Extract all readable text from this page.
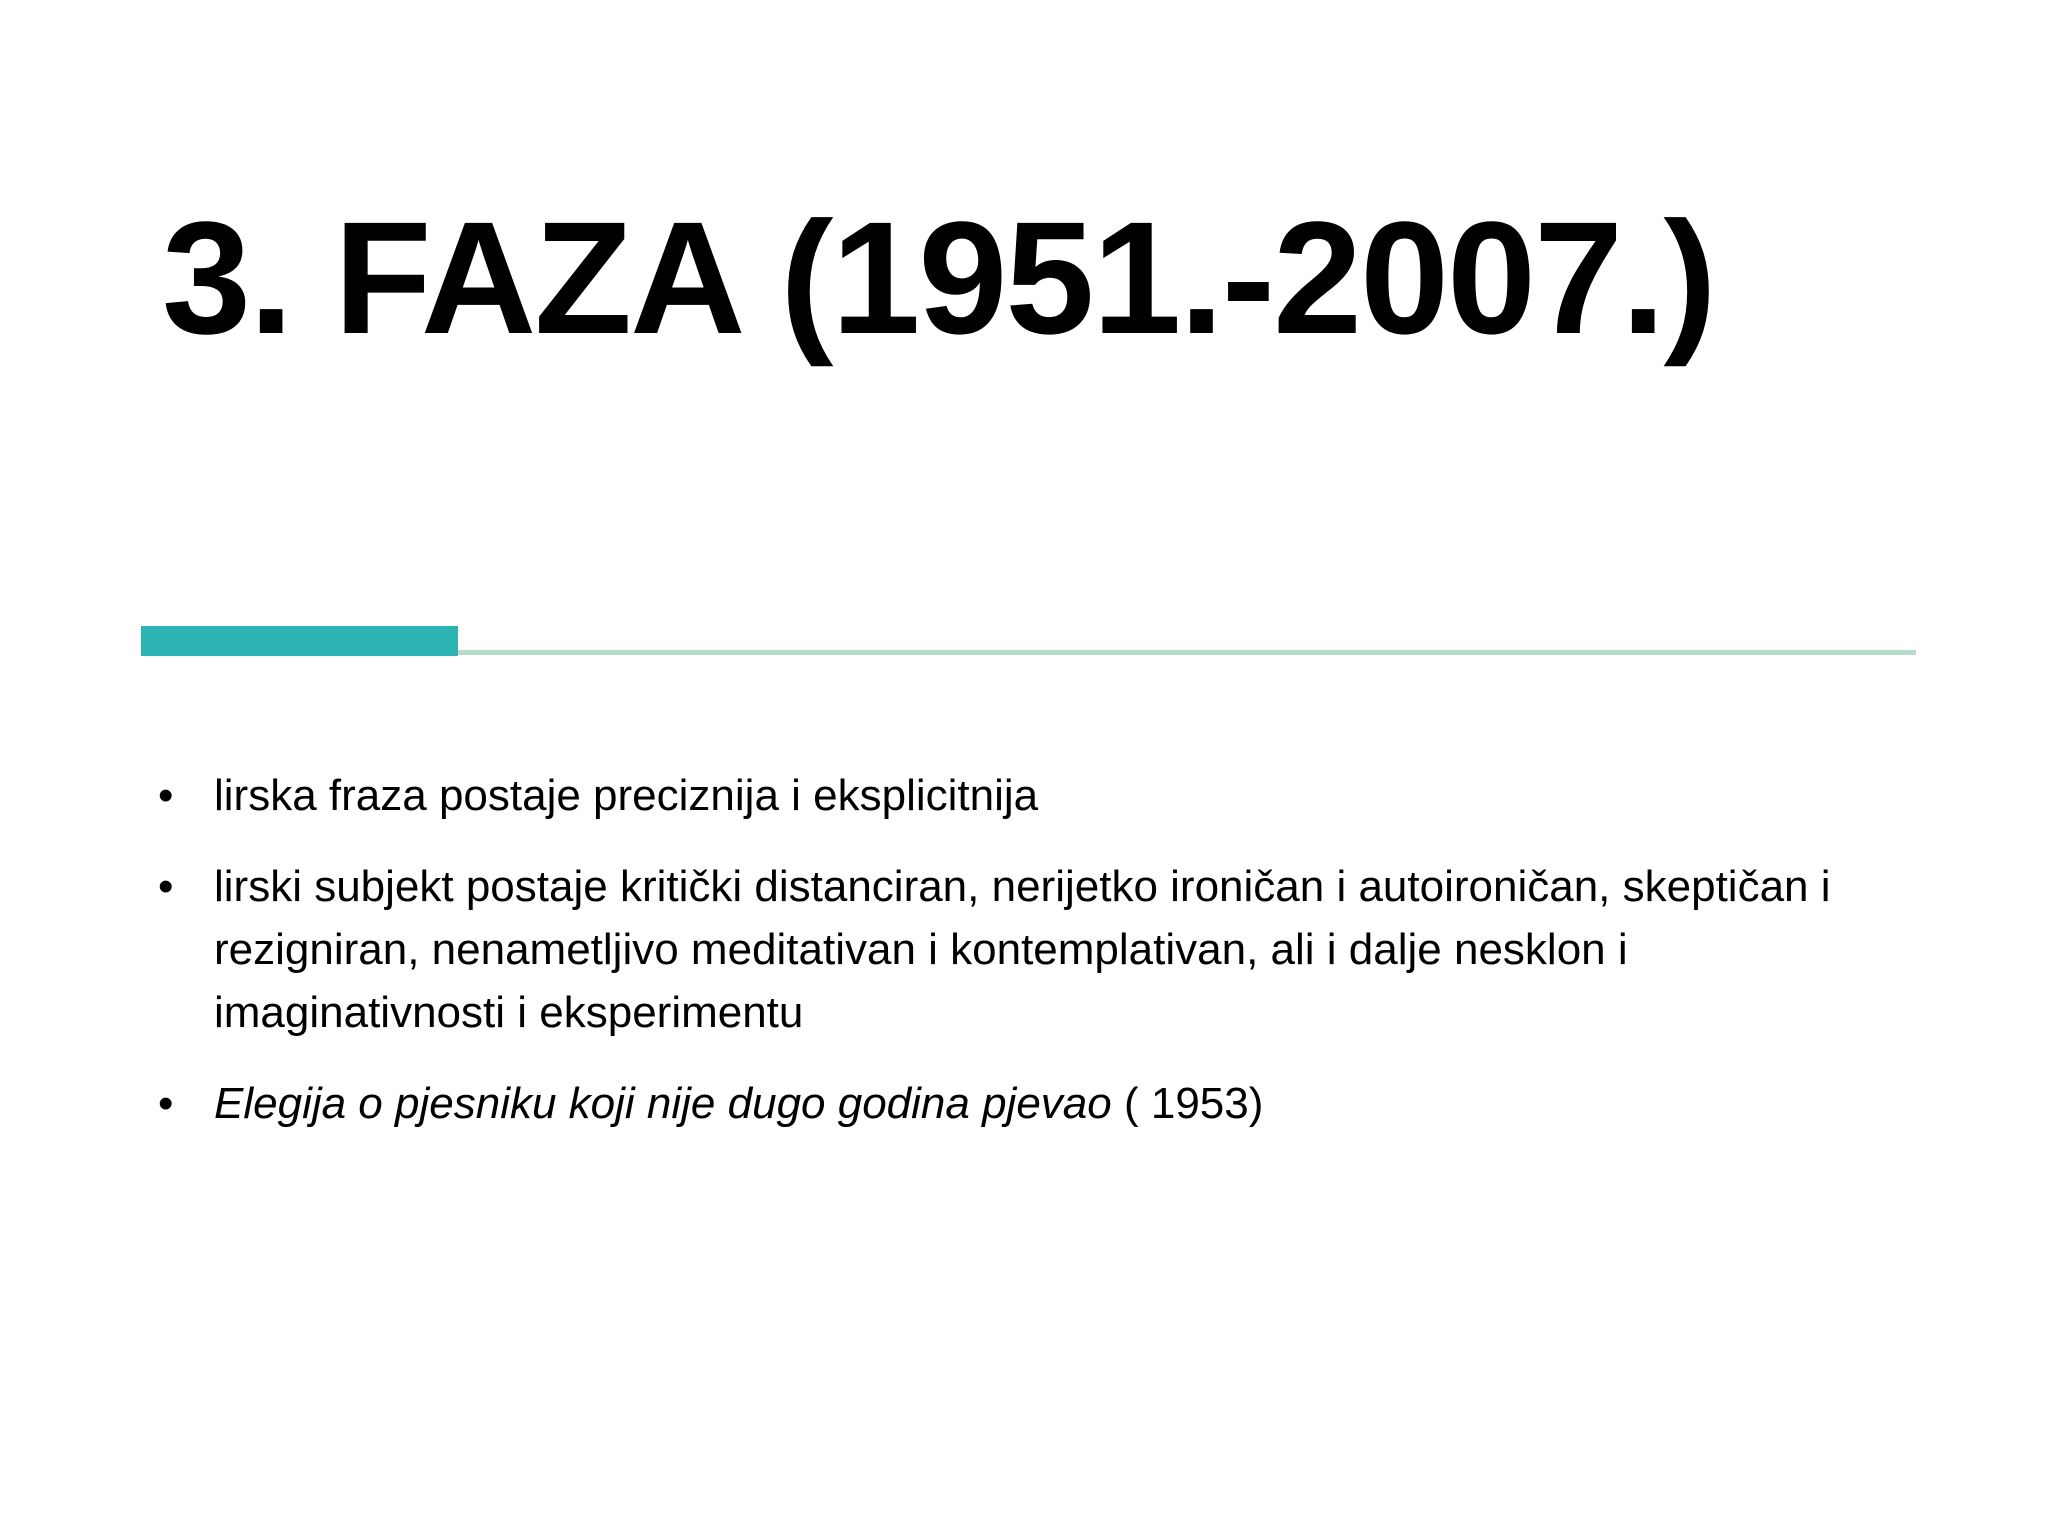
3. FAZA (1951.-2007.)
• lirska fraza postaje preciznija i eksplicitnija
• lirski subjekt postaje kritički distanciran, nerijetko ironičan i autoironičan, skeptičan i rezigniran, nenametljivo meditativan i kontemplativan, ali i dalje nesklon i imaginativnosti i eksperimentu
• Elegija o pjesniku koji nije dugo godina pjevao ( 1953)
